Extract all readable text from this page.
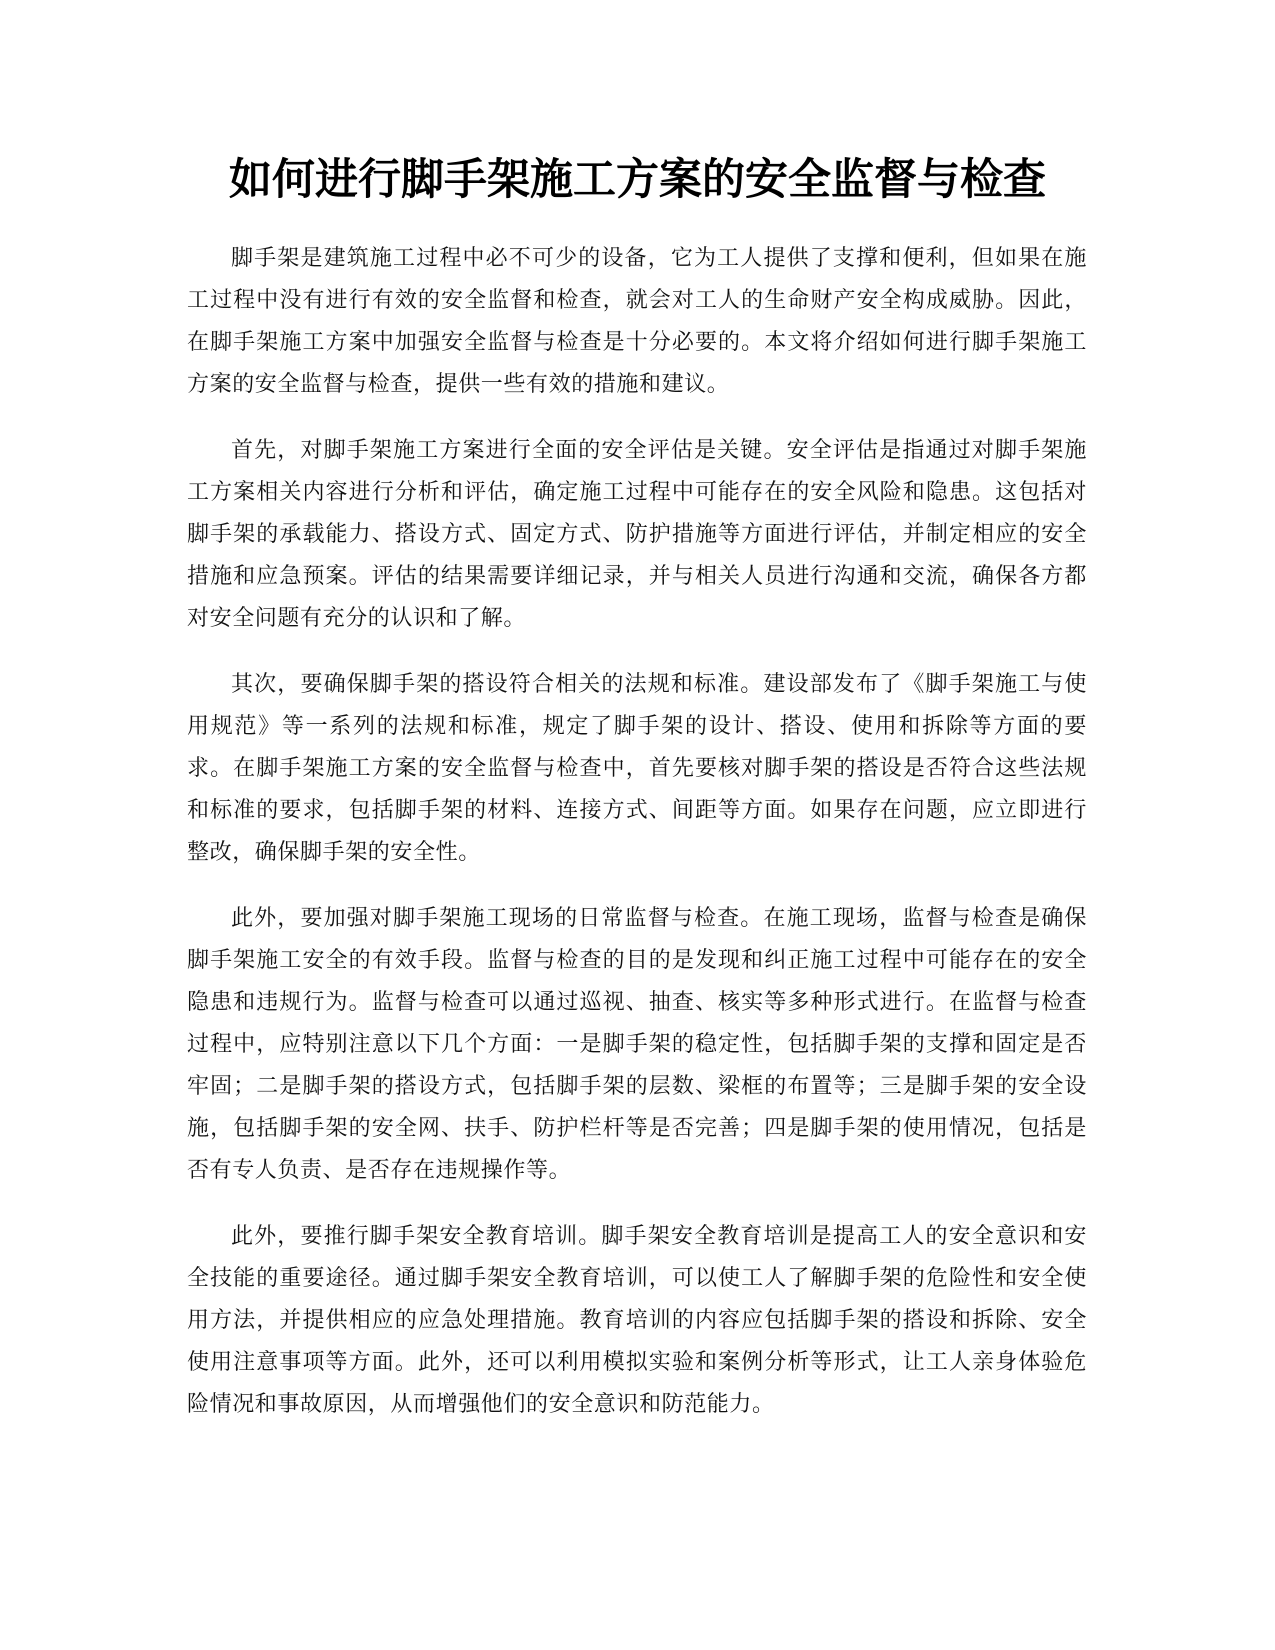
如何进行脚手架施工方案的安全监督与检查

脚手架是建筑施工过程中必不可少的设备，它为工人提供了支撑和便利，但如果在施工过程中没有进行有效的安全监督和检查，就会对工人的生命财产安全构成威胁。因此，在脚手架施工方案中加强安全监督与检查是十分必要的。本文将介绍如何进行脚手架施工方案的安全监督与检查，提供一些有效的措施和建议。

首先，对脚手架施工方案进行全面的安全评估是关键。安全评估是指通过对脚手架施工方案相关内容进行分析和评估，确定施工过程中可能存在的安全风险和隐患。这包括对脚手架的承载能力、搭设方式、固定方式、防护措施等方面进行评估，并制定相应的安全措施和应急预案。评估的结果需要详细记录，并与相关人员进行沟通和交流，确保各方都对安全问题有充分的认识和了解。

其次，要确保脚手架的搭设符合相关的法规和标准。建设部发布了《脚手架施工与使用规范》等一系列的法规和标准，规定了脚手架的设计、搭设、使用和拆除等方面的要求。在脚手架施工方案的安全监督与检查中，首先要核对脚手架的搭设是否符合这些法规和标准的要求，包括脚手架的材料、连接方式、间距等方面。如果存在问题，应立即进行整改，确保脚手架的安全性。

此外，要加强对脚手架施工现场的日常监督与检查。在施工现场，监督与检查是确保脚手架施工安全的有效手段。监督与检查的目的是发现和纠正施工过程中可能存在的安全隐患和违规行为。监督与检查可以通过巡视、抽查、核实等多种形式进行。在监督与检查过程中，应特别注意以下几个方面：一是脚手架的稳定性，包括脚手架的支撑和固定是否牢固；二是脚手架的搭设方式，包括脚手架的层数、梁框的布置等；三是脚手架的安全设施，包括脚手架的安全网、扶手、防护栏杆等是否完善；四是脚手架的使用情况，包括是否有专人负责、是否存在违规操作等。

此外，要推行脚手架安全教育培训。脚手架安全教育培训是提高工人的安全意识和安全技能的重要途径。通过脚手架安全教育培训，可以使工人了解脚手架的危险性和安全使用方法，并提供相应的应急处理措施。教育培训的内容应包括脚手架的搭设和拆除、安全使用注意事项等方面。此外，还可以利用模拟实验和案例分析等形式，让工人亲身体验危险情况和事故原因，从而增强他们的安全意识和防范能力。
